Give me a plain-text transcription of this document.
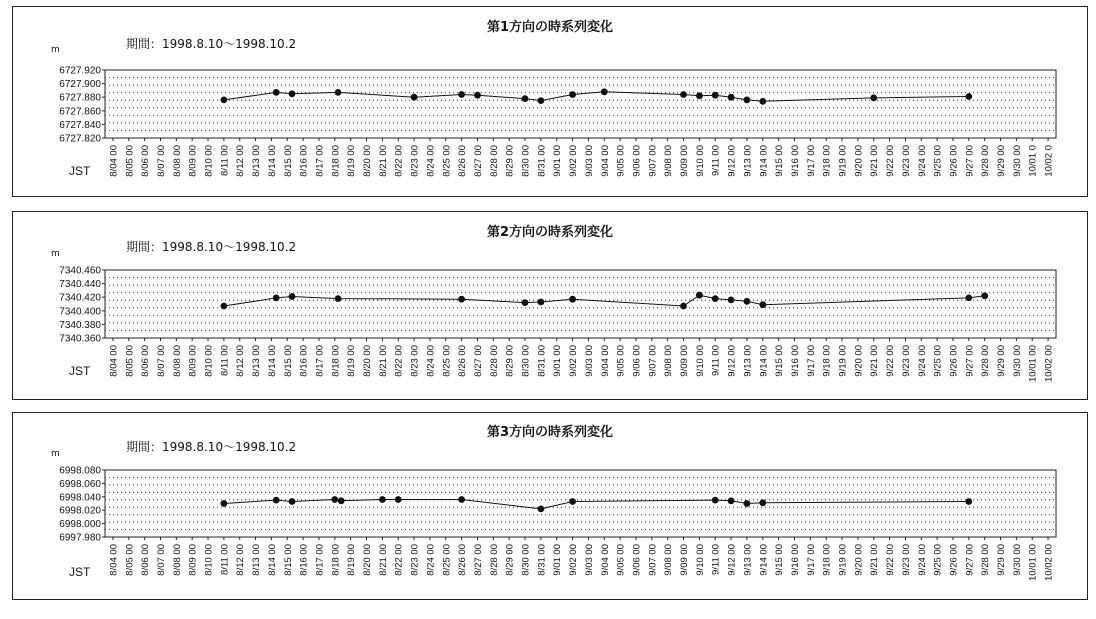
第1方向の時系列変化
期間：1998.8.10～1998.10.2
m
6727.920
6727.900
6727.880
6727.860
6727.840
6727.820
8/04 00 8/05 00 8/06 00 8/07 00 8/08 00 8/09 00 8/10 00 8/11 00 8/12 00 8/13 00 8/14 00 8/15 00 8/16 00 8/17 00 8/18 00 8/19 00 8/20 00 8/21 00 8/22 00 8/23 00 8/24 00 8/25 00 8/26 00 8/27 00 8/28 00 8/29 00 8/30 00 8/31 00 9/01 00 9/02 00 9/03 00 9/04 00 9/05 00 9/06 00 9/07 00 9/08 00 9/09 00 9/10 00 9/11 00 9/12 00 9/13 00 9/14 00 9/15 00 9/16 00 9/17 00 9/18 00 9/19 00 9/20 00 9/21 00 9/22 00 9/23 00 9/24 00 9/25 00 9/26 00 9/27 00 9/28 00 9/29 00 9/30 00 10/01 0 10/02 0
JST
第2方向の時系列変化
期間：1998.8.10～1998.10.2
m
7340.460
7340.440
7340.420
7340.400
7340.380
7340.360
8/04 00 8/05 00 8/06 00 8/07 00 8/08 00 8/09 00 8/10 00 8/11 00 8/12 00 8/13 00 8/14 00 8/15 00 8/16 00 8/17 00 8/18 00 8/19 00 8/20 00 8/21 00 8/22 00 8/23 00 8/24 00 8/25 00 8/26 00 8/27 00 8/28 00 8/29 00 8/30 00 8/31 00 9/01 00 9/02 00 9/03 00 9/04 00 9/05 00 9/06 00 9/07 00 9/08 00 9/09 00 9/10 00 9/11 00 9/12 00 9/13 00 9/14 00 9/15 00 9/16 00 9/17 00 9/18 00 9/19 00 9/20 00 9/21 00 9/22 00 9/23 00 9/24 00 9/25 00 9/26 00 9/27 00 9/28 00 9/29 00 9/30 00 10/01 00 10/02 00
JST
第3方向の時系列変化
期間：1998.8.10～1998.10.2
m
6998.080
6998.060
6998.040
6998.020
6998.000
6997.980
8/04 00 8/05 00 8/06 00 8/07 00 8/08 00 8/09 00 8/10 00 8/11 00 8/12 00 8/13 00 8/14 00 8/15 00 8/16 00 8/17 00 8/18 00 8/19 00 8/20 00 8/21 00 8/22 00 8/23 00 8/24 00 8/25 00 8/26 00 8/27 00 8/28 00 8/29 00 8/30 00 8/31 00 9/01 00 9/02 00 9/03 00 9/04 00 9/05 00 9/06 00 9/07 00 9/08 00 9/09 00 9/10 00 9/11 00 9/12 00 9/13 00 9/14 00 9/15 00 9/16 00 9/17 00 9/18 00 9/19 00 9/20 00 9/21 00 9/22 00 9/23 00 9/24 00 9/25 00 9/26 00 9/27 00 9/28 00 9/29 00 9/30 00 10/01 00 10/02 00
JST
